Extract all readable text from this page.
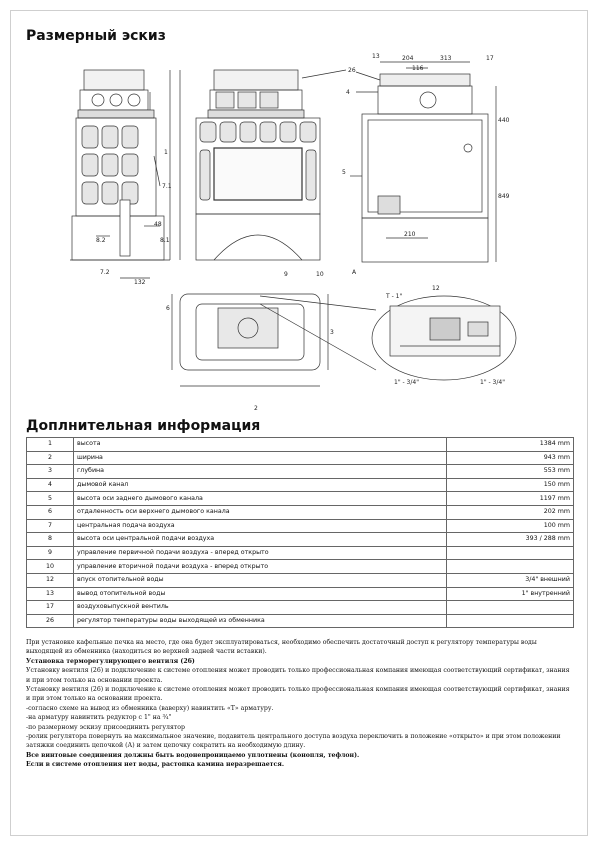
Размерный эскиз
1
2
3
4
5
6
7.1
7.2
8.1
8.2
9	10
12
13	17
26
A
T - 1"
1" - 3/4"	1" - 3/4"
48
132
204	313
116
440
849
210
Доплнительная информация
1	высота	1384 mm
2	ширина	943 mm
3	глубина	553 mm
4	дымовой канал	150 mm
5	высота оси заднего дымового канала	1197 mm
6	отдаленность оси верхнего дымового канала	202 mm
7	центральная подача воздуха	100 mm
8	высота оси центральной подачи воздуха	393 / 288 mm
9	управление первичной подачи воздуха - вперед открыто	
10	управление вторичной подачи воздуха - вперед открыто	
12	впуск отопительной воды	3/4" внешний
13	вывод отопительной воды	1" внутренний
17	воздуховыпускной вентиль	
26	регулятор температуры воды выходящей из обменника	

При установке кафельные печка на место, где она будет эксплуатироваться, необходимо обеспечить достаточный доступ к регулятору температуры воды выходящей из обменника (находиться во верхней задней части вставки).

Установка терморегулирующего вентиля (26)

Установку вентиля (26) и подключение к системе отопления может проводить только профессиональная компания имеющая соответствующий сертификат, знания и при этом только на основании проекта.

Установку вентиля (26) и подключение к системе отопления может проводить только профессиональная компания имеющая соответствующий сертификат, знания и при этом только на основании проекта.

-согласно схеме на вывод из обменника (вaверху) навинтить «T» арматуру.

-на арматуру навинтить редуктор с 1" на ¾"

-по размерному эскизу присоединить регулятор

-ролик регулятора повернуть на максимальное значение, подавитель центрального доступа воздуха переключить в положение «открыто» и при этом положении затяжки соединить цепочкой (А) и затем цепочку сократить на необходимую длину.

Все винтовые соединения должны быть водонепроницаемо уплотнены (конопля, тефлон).

Если в системе отопления нет воды, растопка камина неразрешается.
